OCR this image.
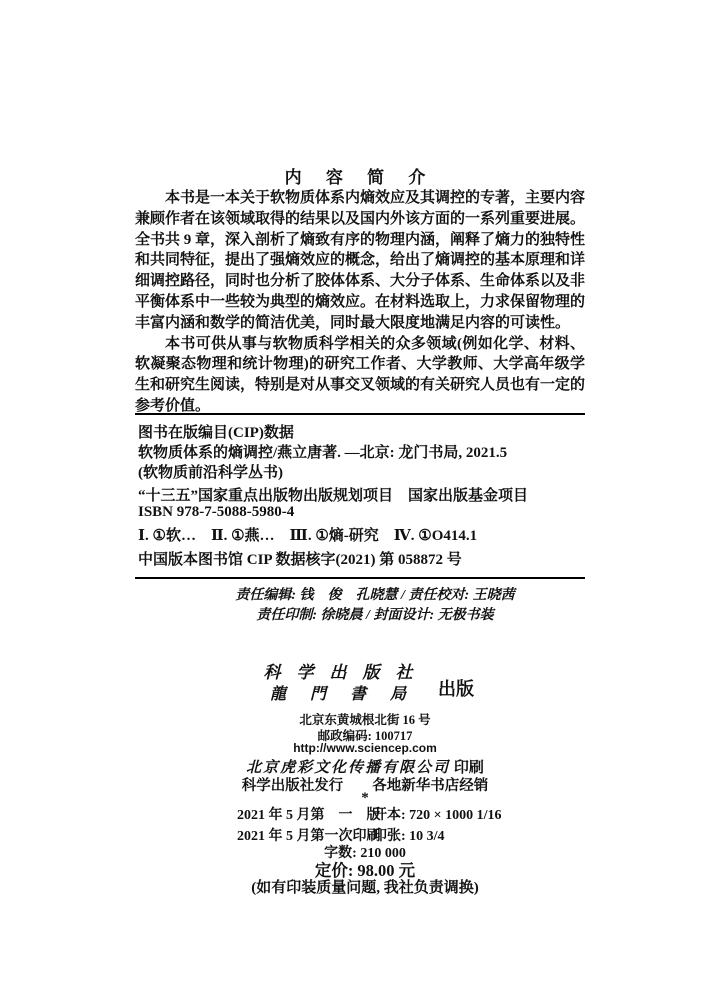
内 容 简 介

本书是一本关于软物质体系内熵效应及其调控的专著，主要内容兼顾作者在该领域取得的结果以及国内外该方面的一系列重要进展。全书共 9 章，深入剖析了熵致有序的物理内涵，阐释了熵力的独特性和共同特征，提出了强熵效应的概念，给出了熵调控的基本原理和详细调控路径，同时也分析了胶体体系、大分子体系、生命体系以及非平衡体系中一些较为典型的熵效应。在材料选取上，力求保留物理的丰富内涵和数学的简洁优美，同时最大限度地满足内容的可读性。

本书可供从事与软物质科学相关的众多领域(例如化学、材料、软凝聚态物理和统计物理)的研究工作者、大学教师、大学高年级学生和研究生阅读，特别是对从事交叉领域的有关研究人员也有一定的参考价值。

图书在版编目(CIP)数据
软物质体系的熵调控/燕立唐著. —北京: 龙门书局, 2021.5
(软物质前沿科学丛书)
“十三五”国家重点出版物出版规划项目　国家出版基金项目
ISBN 978-7-5088-5980-4
Ⅰ. ①软…　Ⅱ. ①燕…　Ⅲ. ①熵-研究　Ⅳ. ①O414.1
中国版本图书馆 CIP 数据核字(2021) 第 058872 号
责任编辑: 钱　俊　孔晓慧 / 责任校对: 王晓茜
责任印制: 徐晓晨 / 封面设计: 无极书装
科学出版社
龍門書局 出版
北京东黄城根北街 16 号
邮政编码: 100717
http://www.sciencep.com
北京虎彩文化传播有限公司 印刷
科学出版社发行　　各地新华书店经销
*
2021 年 5 月第　一　版
开本: 720 × 1000 1/16
2021 年 5 月第一次印刷
印张: 10 3/4
字数: 210 000
定价: 98.00 元
(如有印装质量问题, 我社负责调换)
